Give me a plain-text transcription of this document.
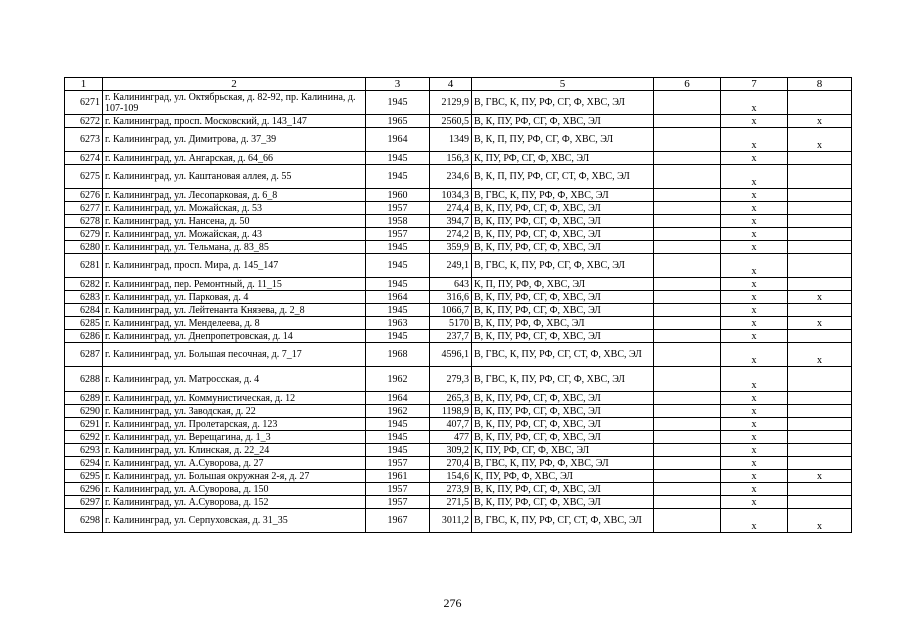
1	2	3	4	5	6	7	8
6271	г. Калининград, ул. Октябрьская, д. 82-92, пр. Калинина, д. 107-109	1945	2129,9	В, ГВС, К, ПУ, РФ, СГ, Ф, ХВС, ЭЛ		x	
6272	г. Калининград, просп. Московский, д. 143_147	1965	2560,5	В, К, ПУ, РФ, СГ, Ф, ХВС, ЭЛ		x	x
6273	г. Калининград, ул. Димитрова, д. 37_39	1964	1349	В, К, П, ПУ, РФ, СГ, Ф, ХВС, ЭЛ		x	x
6274	г. Калининград, ул. Ангарская, д. 64_66	1945	156,3	К, ПУ, РФ, СГ, Ф, ХВС, ЭЛ		x	
6275	г. Калининград, ул. Каштановая аллея, д. 55	1945	234,6	В, К, П, ПУ, РФ, СГ, СТ, Ф, ХВС, ЭЛ		x	
6276	г. Калининград, ул. Лесопарковая, д. 6_8	1960	1034,3	В, ГВС, К, ПУ, РФ, Ф, ХВС, ЭЛ		x	
6277	г. Калининград, ул. Можайская, д. 53	1957	274,4	В, К, ПУ, РФ, СГ, Ф, ХВС, ЭЛ		x	
6278	г. Калининград, ул. Нансена, д. 50	1958	394,7	В, К, ПУ, РФ, СГ, Ф, ХВС, ЭЛ		x	
6279	г. Калининград, ул. Можайская, д. 43	1957	274,2	В, К, ПУ, РФ, СГ, Ф, ХВС, ЭЛ		x	
6280	г. Калининград, ул. Тельмана, д. 83_85	1945	359,9	В, К, ПУ, РФ, СГ, Ф, ХВС, ЭЛ		x	
6281	г. Калининград, просп. Мира, д. 145_147	1945	249,1	В, ГВС, К, ПУ, РФ, СГ, Ф, ХВС, ЭЛ		x	
6282	г. Калининград, пер. Ремонтный, д. 11_15	1945	643	К, П, ПУ, РФ, Ф, ХВС, ЭЛ		x	
6283	г. Калининград, ул. Парковая, д. 4	1964	316,6	В, К, ПУ, РФ, СГ, Ф, ХВС, ЭЛ		x	x
6284	г. Калининград, ул. Лейтенанта Князева, д. 2_8	1945	1066,7	В, К, ПУ, РФ, СГ, Ф, ХВС, ЭЛ		x	
6285	г. Калининград, ул. Менделеева, д. 8	1963	5170	В, К, ПУ, РФ, Ф, ХВС, ЭЛ		x	x
6286	г. Калининград, ул. Днепропетровская, д. 14	1945	237,7	В, К, ПУ, РФ, СГ, Ф, ХВС, ЭЛ		x	
6287	г. Калининград, ул. Большая песочная, д. 7_17	1968	4596,1	В, ГВС, К, ПУ, РФ, СГ, СТ, Ф, ХВС, ЭЛ		x	x
6288	г. Калининград, ул. Матросская, д. 4	1962	279,3	В, ГВС, К, ПУ, РФ, СГ, Ф, ХВС, ЭЛ		x	
6289	г. Калининград, ул. Коммунистическая, д. 12	1964	265,3	В, К, ПУ, РФ, СГ, Ф, ХВС, ЭЛ		x	
6290	г. Калининград, ул. Заводская, д. 22	1962	1198,9	В, К, ПУ, РФ, СГ, Ф, ХВС, ЭЛ		x	
6291	г. Калининград, ул. Пролетарская, д. 123	1945	407,7	В, К, ПУ, РФ, СГ, Ф, ХВС, ЭЛ		x	
6292	г. Калининград, ул. Верещагина, д. 1_3	1945	477	В, К, ПУ, РФ, СГ, Ф, ХВС, ЭЛ		x	
6293	г. Калининград, ул. Клинская, д. 22_24	1945	309,2	К, ПУ, РФ, СГ, Ф, ХВС, ЭЛ		x	
6294	г. Калининград, ул. А.Суворова, д. 27	1957	270,4	В, ГВС, К, ПУ, РФ, Ф, ХВС, ЭЛ		x	
6295	г. Калининград, ул. Большая окружная 2-я, д. 27	1961	154,6	К, ПУ, РФ, Ф, ХВС, ЭЛ		x	x
6296	г. Калининград, ул. А.Суворова, д. 150	1957	273,9	В, К, ПУ, РФ, СГ, Ф, ХВС, ЭЛ		x	
6297	г. Калининград, ул. А.Суворова, д. 152	1957	271,5	В, К, ПУ, РФ, СГ, Ф, ХВС, ЭЛ		x	
6298	г. Калининград, ул. Серпуховская, д. 31_35	1967	3011,2	В, ГВС, К, ПУ, РФ, СГ, СТ, Ф, ХВС, ЭЛ		x	x
276
